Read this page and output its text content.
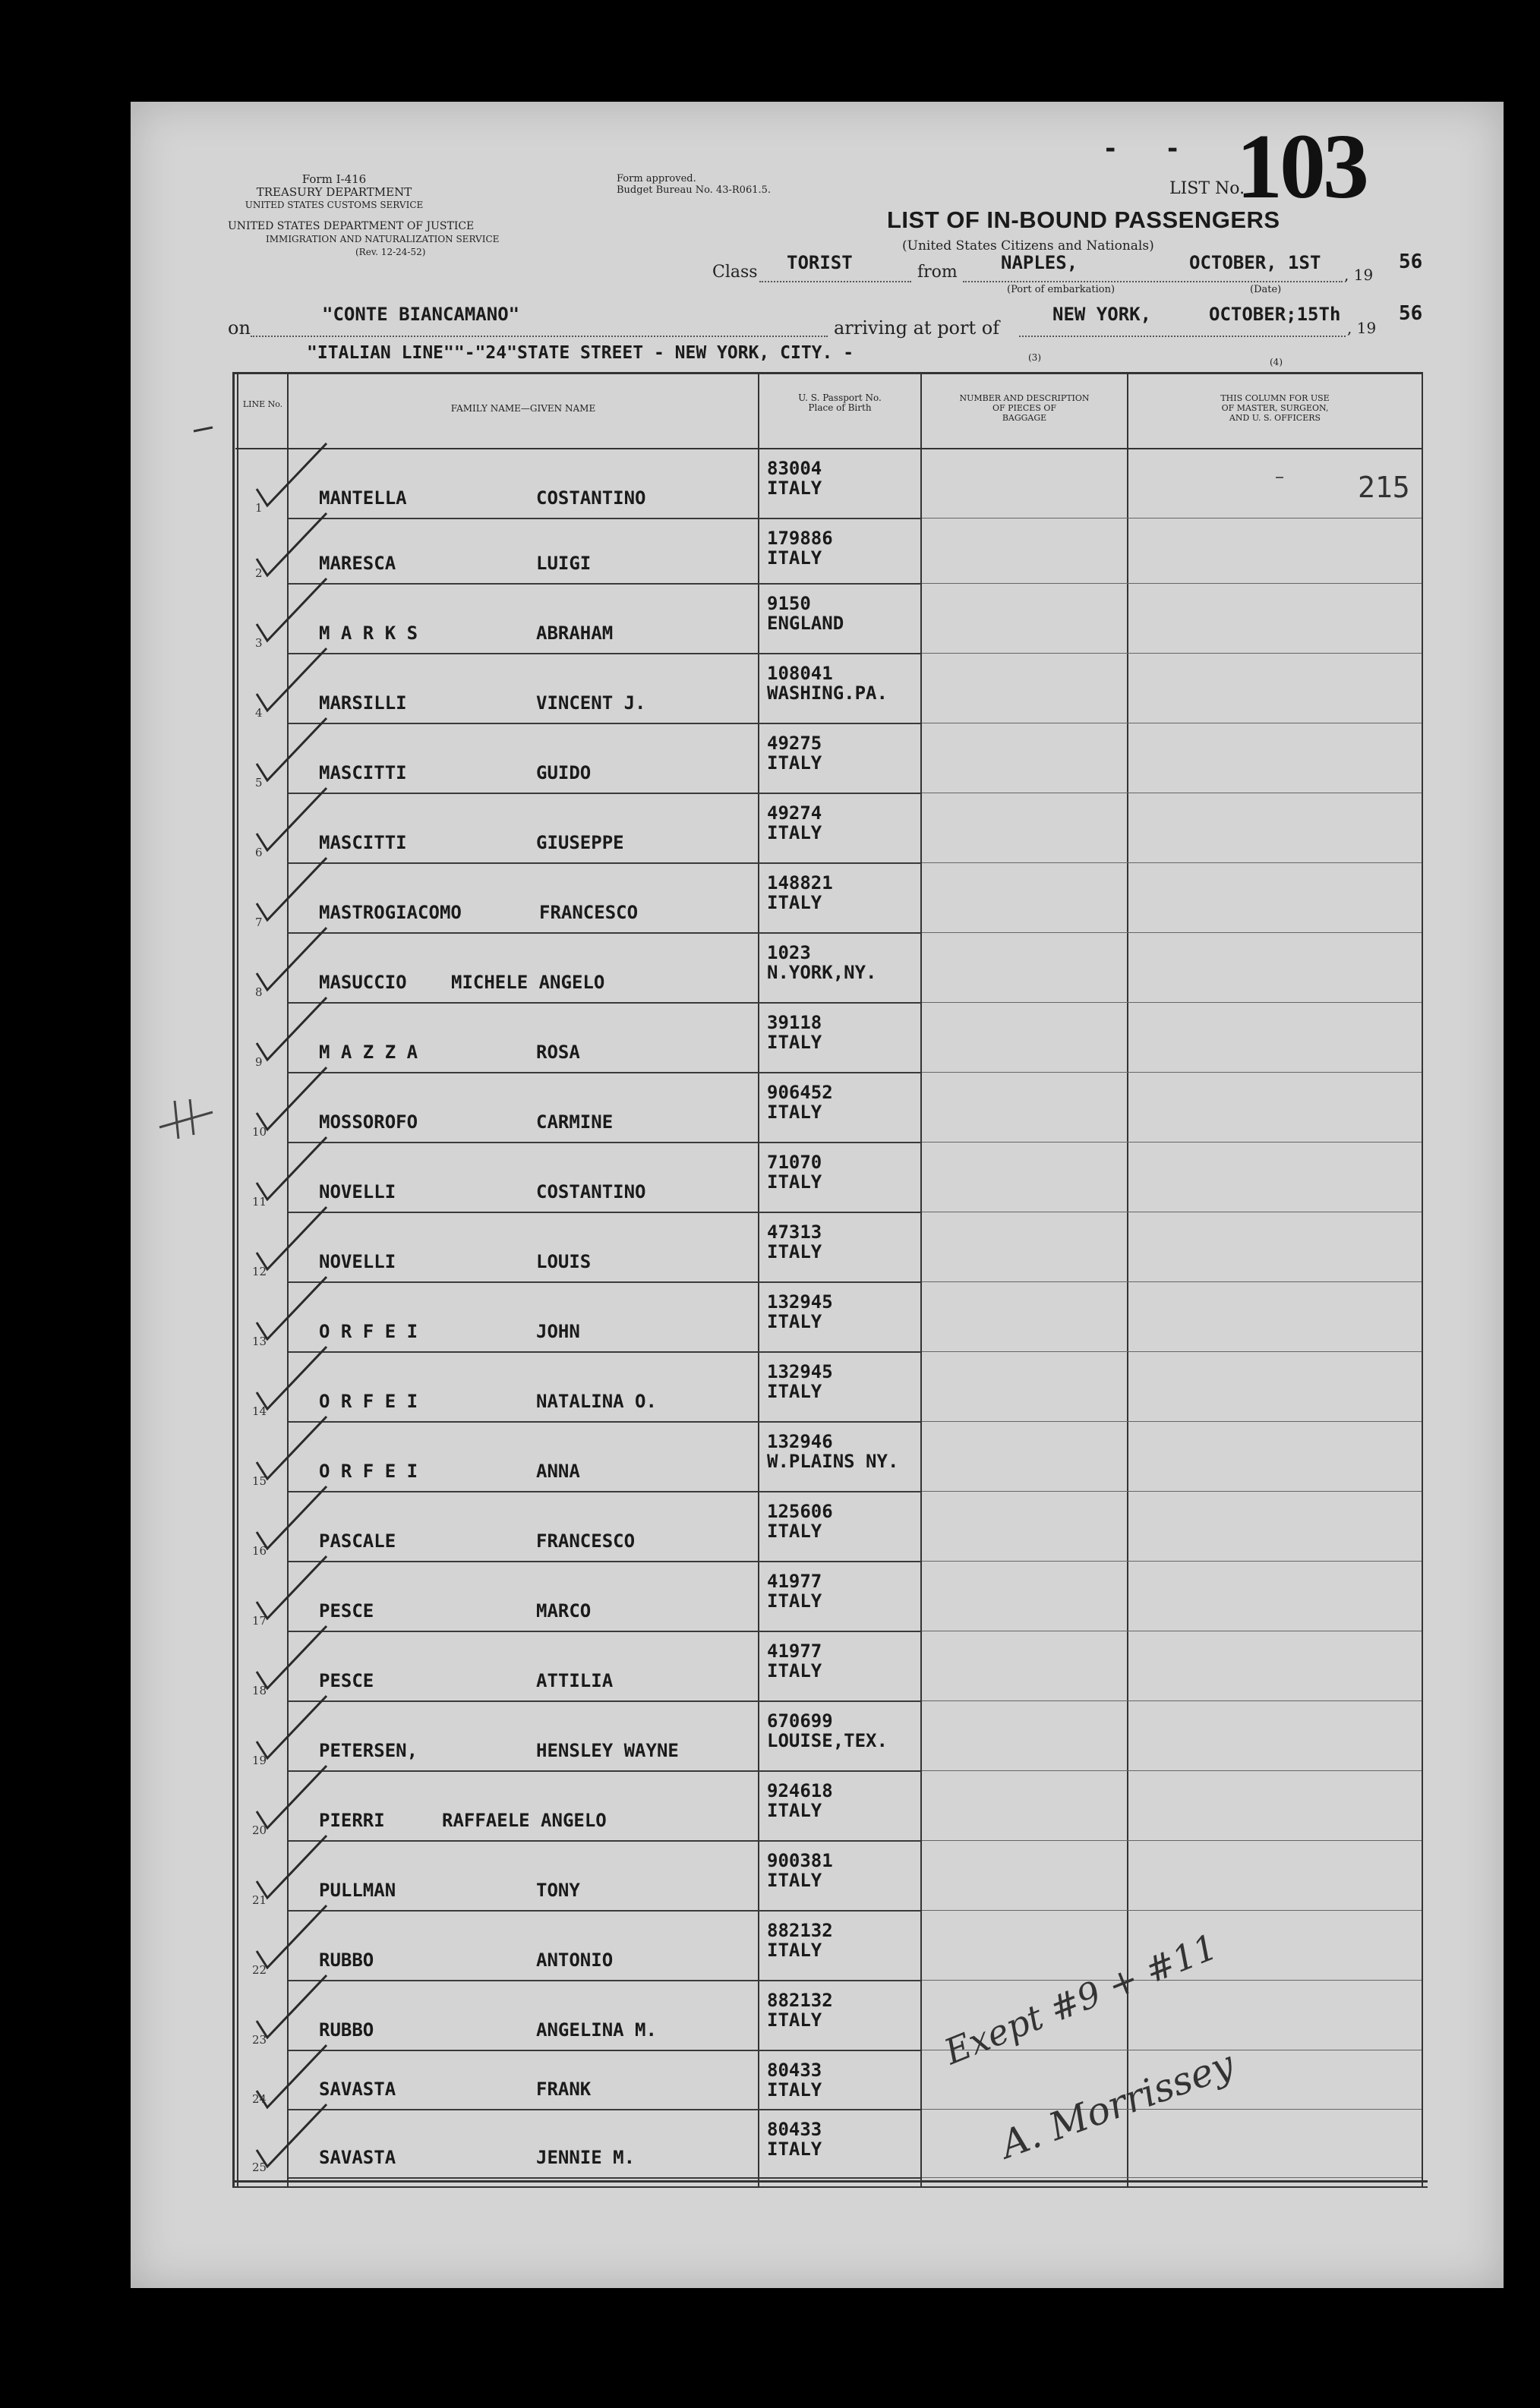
Form I-416
TREASURY DEPARTMENT
UNITED STATES CUSTOMS SERVICE
UNITED STATES DEPARTMENT OF JUSTICE
IMMIGRATION AND NATURALIZATION SERVICE
(Rev. 12-24-52)
Form approved.
Budget Bureau No. 43-R061.5.
-   -
LIST No.
103
LIST OF IN-BOUND PASSENGERS
(United States Citizens and Nationals)
Class TORIST	from NAPLES,	OCTOBER, 1ST
, 19
56
(Port of embarkation)	(Date)
on
"CONTE BIANCAMANO"
arriving at port of
NEW YORK,	OCTOBER;15Th
, 19
56
"ITALIAN LINE""-"24"STATE STREET - NEW YORK, CITY. -	(3)	(4)
LINE No.	FAMILY NAME—GIVEN NAME
U. S. Passport No.
Place of Birth
NUMBER AND DESCRIPTION
OF PIECES OF
BAGGAGE
THIS COLUMN FOR USE
OF MASTER, SURGEON,
AND U. S. OFFICERS
1	MANTELLA	COSTANTINO
83004
ITALY
2	MARESCA	LUIGI
179886
ITALY
3	M A R K S	ABRAHAM
9150
ENGLAND
4	MARSILLI	VINCENT J.
108041
WASHING.PA.
5	MASCITTI	GUIDO
49275
ITALY
6	MASCITTI	GIUSEPPE
49274
ITALY
7	MASTROGIACOMO	FRANCESCO
148821
ITALY
8	MASUCCIO MICHELE ANGELO
1023
N.YORK,NY.
9	M A Z Z A	ROSA
39118
ITALY
10	MOSSOROFO	CARMINE
906452
ITALY
11	NOVELLI	COSTANTINO
71070
ITALY
12	NOVELLI	LOUIS
47313
ITALY
13	O R F E I	JOHN
132945
ITALY
14	O R F E I	NATALINA O.
132945
ITALY
15	O R F E I	ANNA
132946
W.PLAINS NY.
16	PASCALE	FRANCESCO
125606
ITALY
17	PESCE	MARCO
41977
ITALY
18	PESCE	ATTILIA
41977
ITALY
19	PETERSEN,	HENSLEY WAYNE
670699
LOUISE,TEX.
20	PIERRI	RAFFAELE ANGELO
924618
ITALY
21	PULLMAN	TONY
900381
ITALY
22	RUBBO	ANTONIO
882132
ITALY
23	RUBBO	ANGELINA M.
882132
ITALY
24	SAVASTA	FRANK
80433
ITALY
25	SAVASTA	JENNIE M.
80433
ITALY
215
Exept #9 + #11
A. Morrissey
